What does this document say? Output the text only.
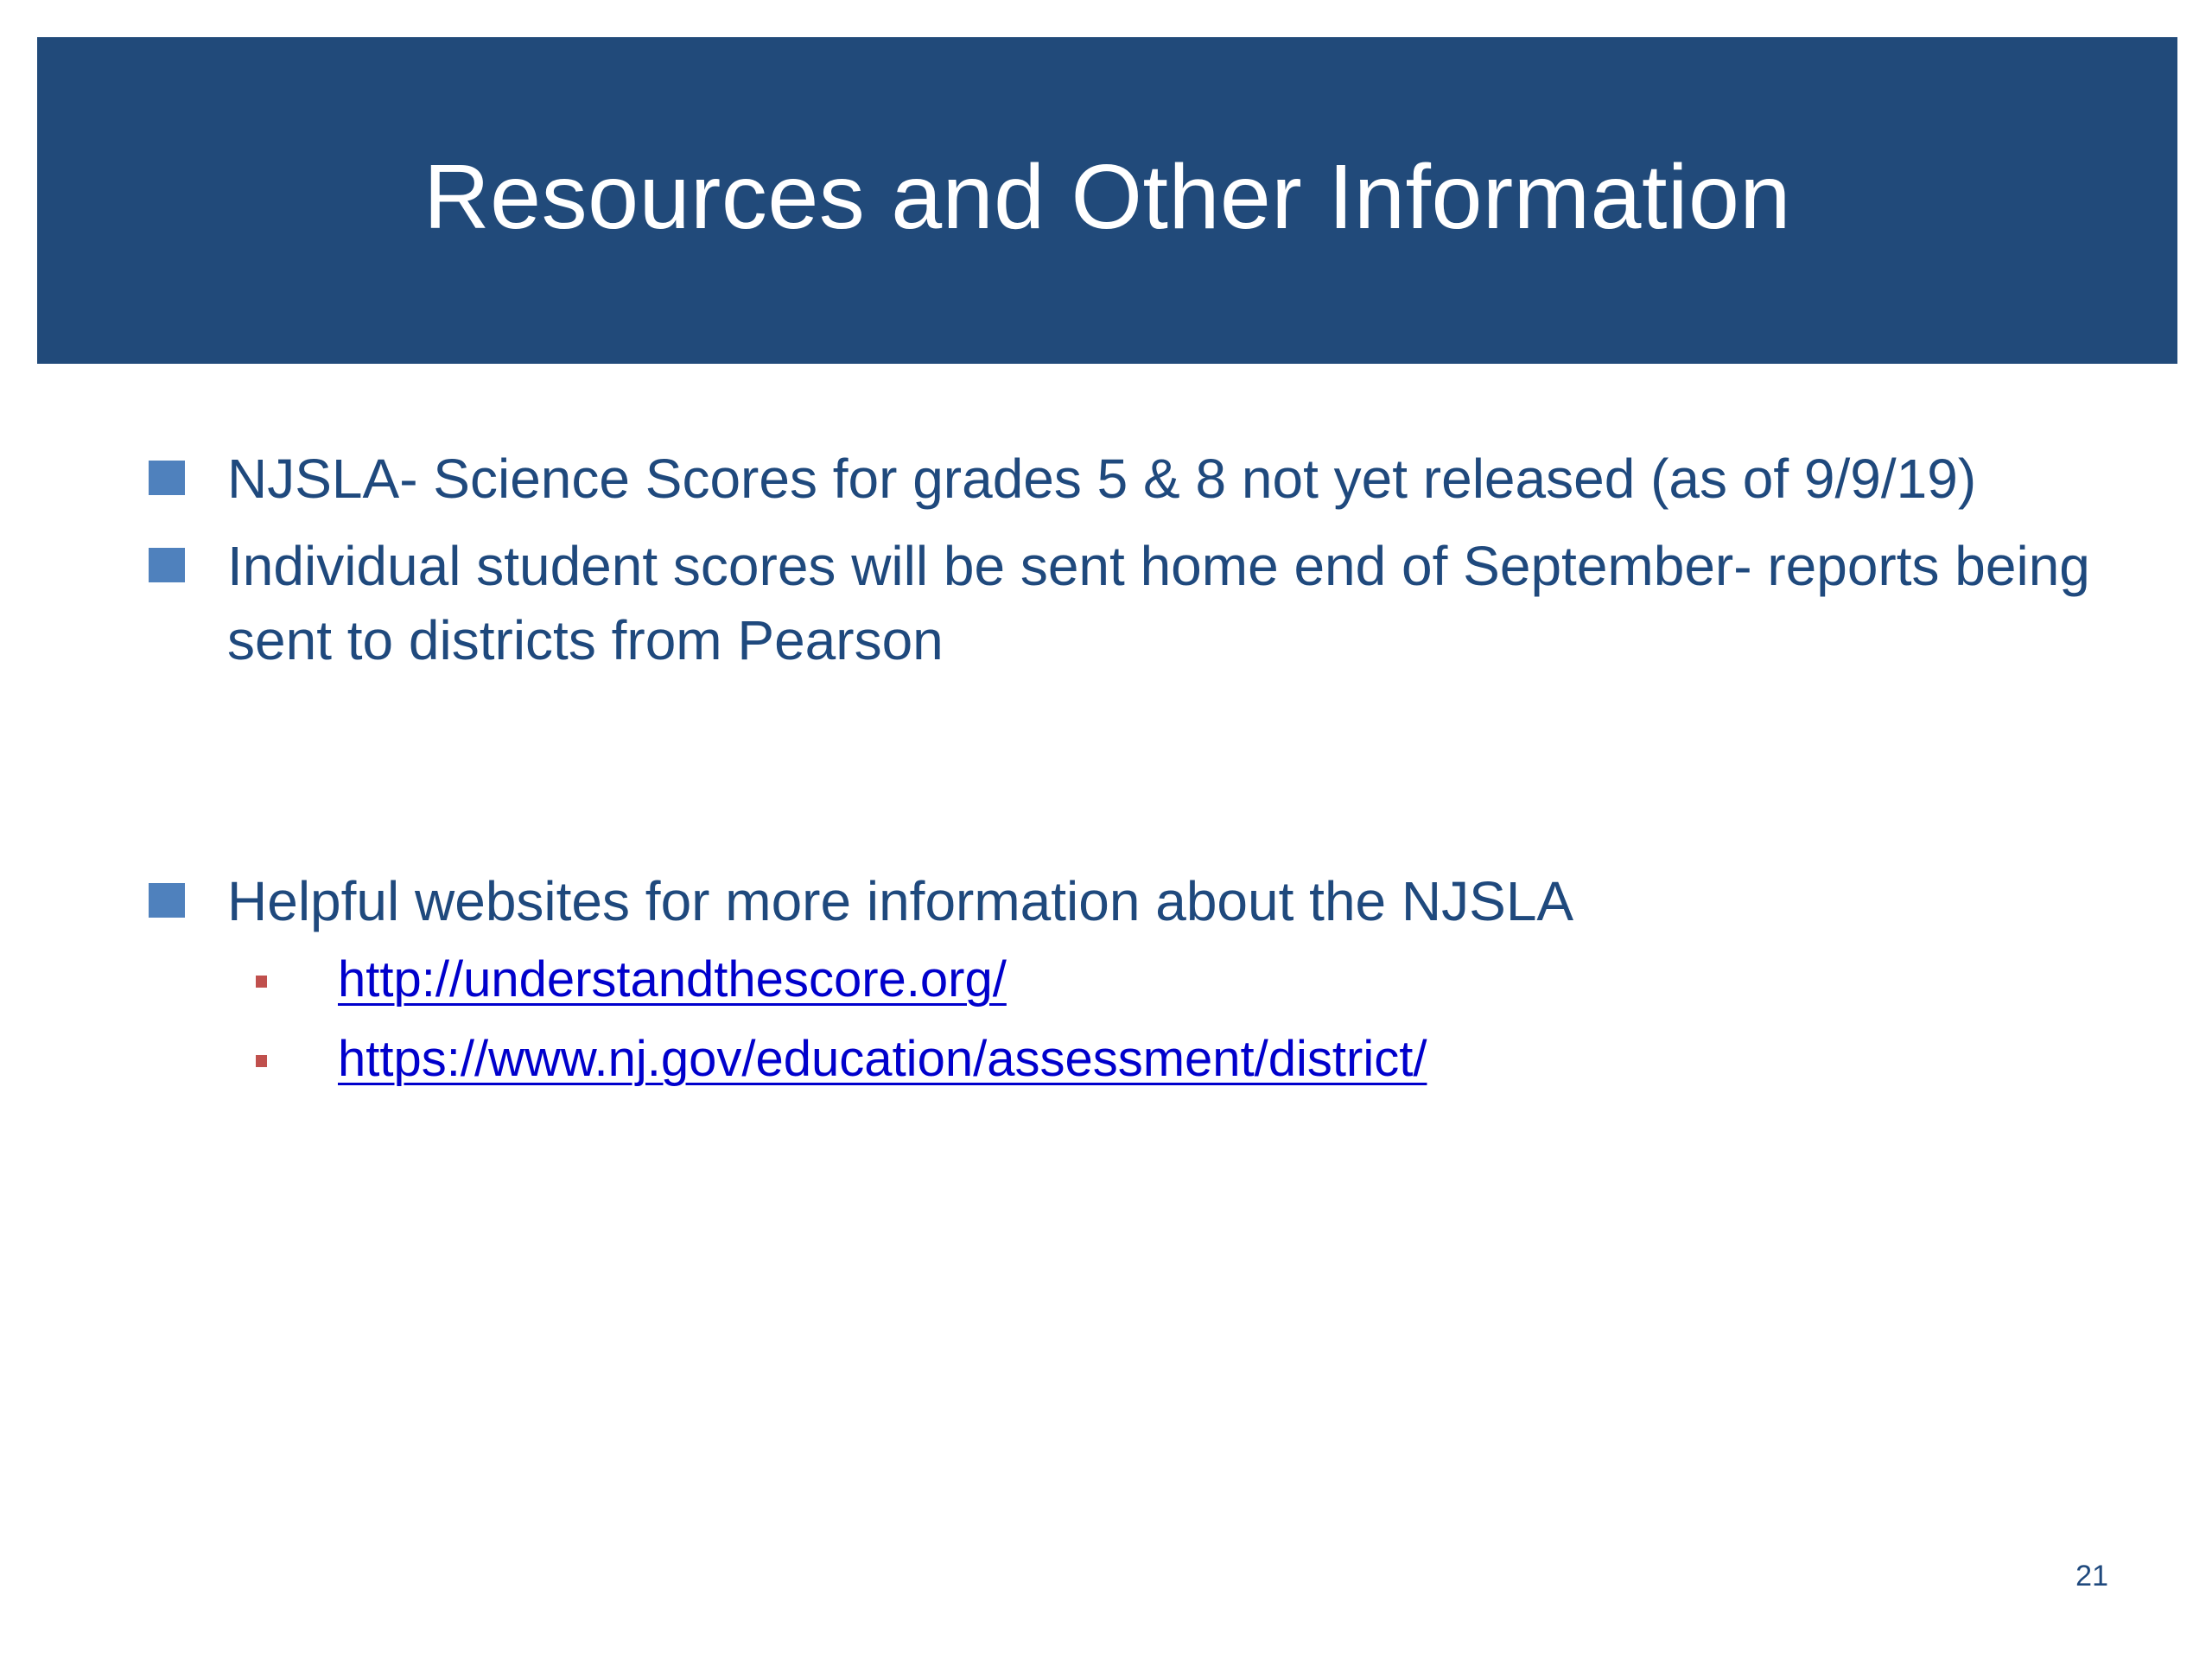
Resources and Other Information
NJSLA- Science Scores for grades 5 & 8 not yet released (as of 9/9/19)
Individual student scores will be sent home end of September- reports being sent to districts from Pearson
Helpful websites for more information about the NJSLA
http://understandthescore.org/
https://www.nj.gov/education/assessment/district/
21
